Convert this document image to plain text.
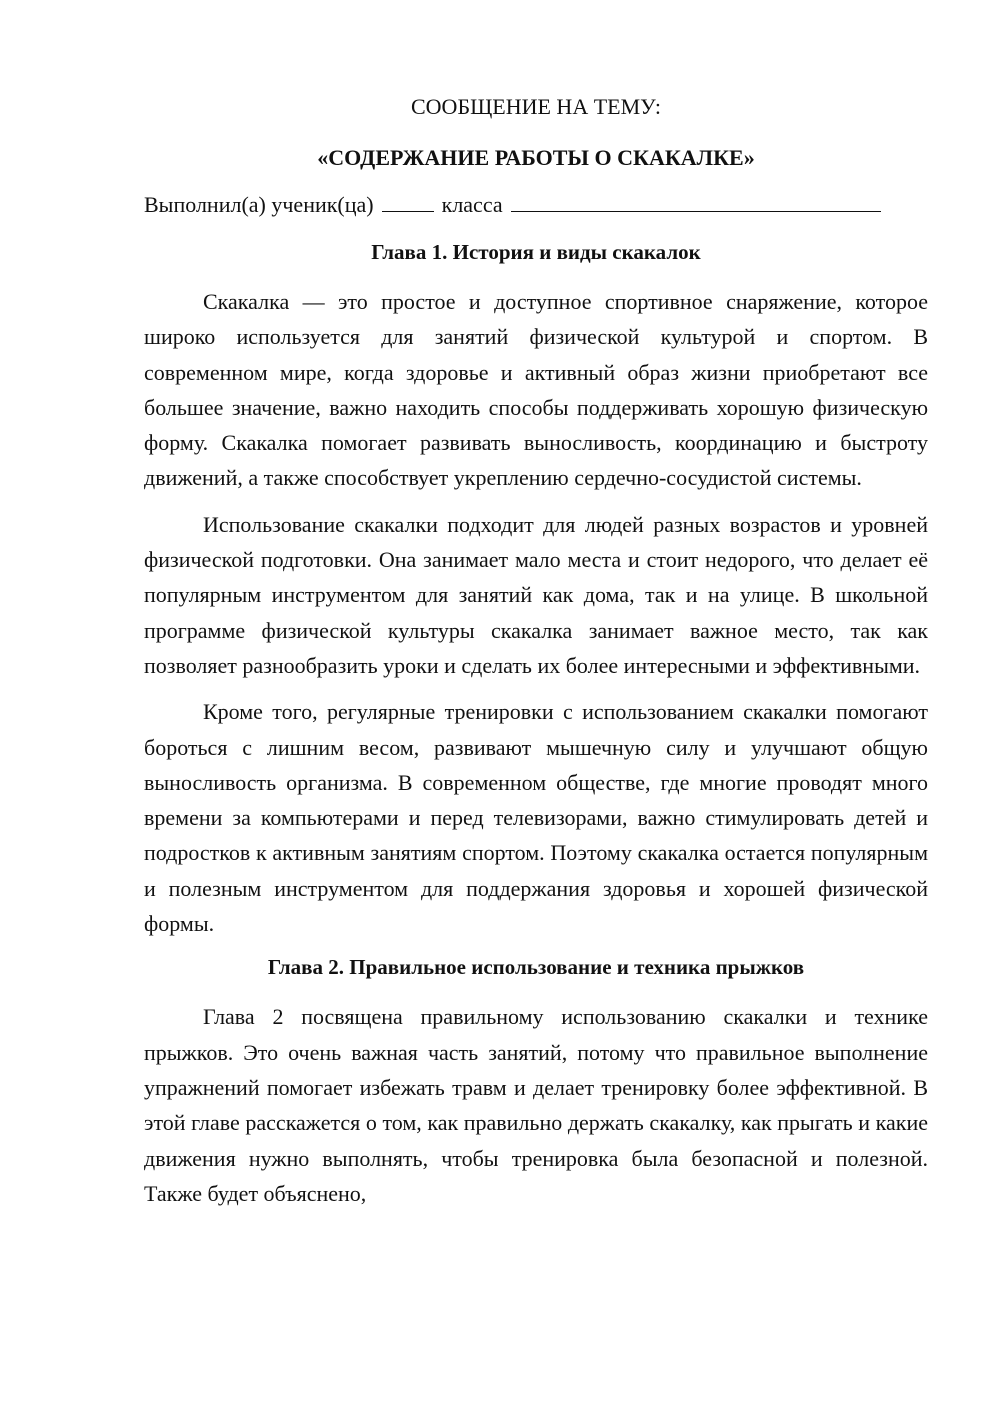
СООБЩЕНИЕ НА ТЕМУ:
«СОДЕРЖАНИЕ РАБОТЫ О СКАКАЛКЕ»
Выполнил(а) ученик(ца)	класса
Глава 1. История и виды скакалок

Скакалка — это простое и доступное спортивное снаряжение, которое широко используется для занятий физической культурой и спортом. В современном мире, когда здоровье и активный образ жизни приобретают все большее значение, важно находить способы поддерживать хорошую физическую форму. Скакалка помогает развивать выносливость, координацию и быстроту движений, а также способствует укреплению сердечно-сосудистой системы.

Использование скакалки подходит для людей разных возрастов и уровней физической подготовки. Она занимает мало места и стоит недорого, что делает её популярным инструментом для занятий как дома, так и на улице. В школьной программе физической культуры скакалка занимает важное место, так как позволяет разнообразить уроки и сделать их более интересными и эффективными.

Кроме того, регулярные тренировки с использованием скакалки помогают бороться с лишним весом, развивают мышечную силу и улучшают общую выносливость организма. В современном обществе, где многие проводят много времени за компьютерами и перед телевизорами, важно стимулировать детей и подростков к активным занятиям спортом. Поэтому скакалка остается популярным и полезным инструментом для поддержания здоровья и хорошей физической формы.

Глава 2. Правильное использование и техника прыжков

Глава 2 посвящена правильному использованию скакалки и технике прыжков. Это очень важная часть занятий, потому что правильное выполнение упражнений помогает избежать травм и делает тренировку более эффективной. В этой главе расскажется о том, как правильно держать скакалку, как прыгать и какие движения нужно выполнять, чтобы тренировка была безопасной и полезной. Также будет объяснено,
